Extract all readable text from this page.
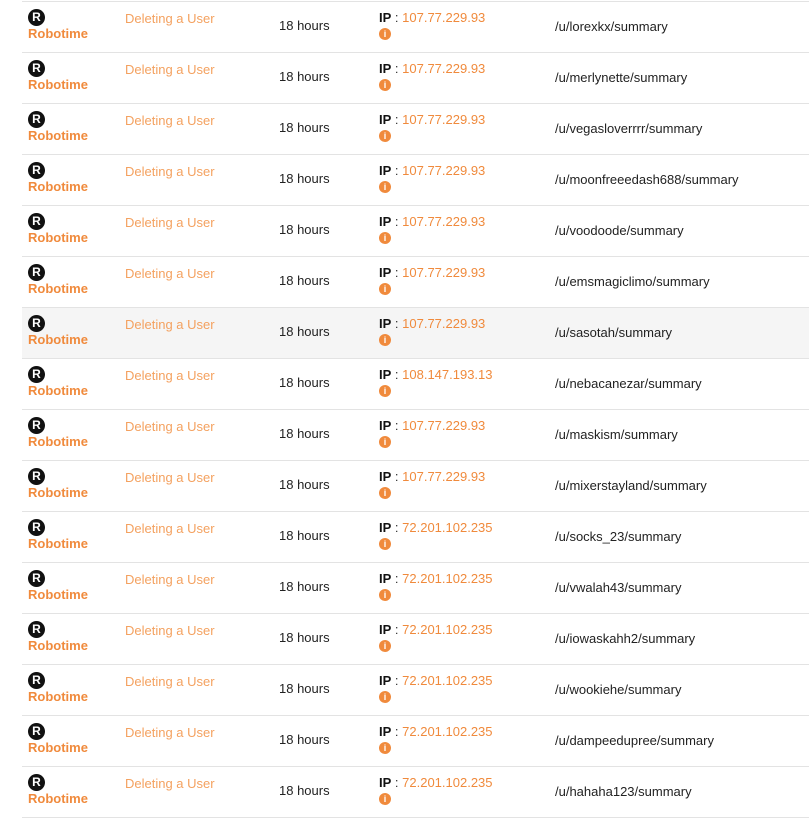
R
Robotime
Deleting a User	18 hours
IP : 107.77.229.93
i	/u/lorexkx/summary
R
Robotime
Deleting a User	18 hours
IP : 107.77.229.93
i	/u/merlynette/summary
R
Robotime
Deleting a User	18 hours
IP : 107.77.229.93
i	/u/vegasloverrrr/summary
R
Robotime
Deleting a User	18 hours
IP : 107.77.229.93
i	/u/moonfreeedash688/summary
R
Robotime
Deleting a User	18 hours
IP : 107.77.229.93
i	/u/voodoode/summary
R
Robotime
Deleting a User	18 hours
IP : 107.77.229.93
i	/u/emsmagiclimo/summary
R
Robotime
Deleting a User	18 hours
IP : 107.77.229.93
i	/u/sasotah/summary
R
Robotime
Deleting a User	18 hours
IP : 108.147.193.13
i	/u/nebacanezar/summary
R
Robotime
Deleting a User	18 hours
IP : 107.77.229.93
i	/u/maskism/summary
R
Robotime
Deleting a User	18 hours
IP : 107.77.229.93
i	/u/mixerstayland/summary
R
Robotime
Deleting a User	18 hours
IP : 72.201.102.235
i	/u/socks_23/summary
R
Robotime
Deleting a User	18 hours
IP : 72.201.102.235
i	/u/vwalah43/summary
R
Robotime
Deleting a User	18 hours
IP : 72.201.102.235
i	/u/iowaskahh2/summary
R
Robotime
Deleting a User	18 hours
IP : 72.201.102.235
i	/u/wookiehe/summary
R
Robotime
Deleting a User	18 hours
IP : 72.201.102.235
i	/u/dampeedupree/summary
R
Robotime
Deleting a User	18 hours
IP : 72.201.102.235
i	/u/hahaha123/summary
